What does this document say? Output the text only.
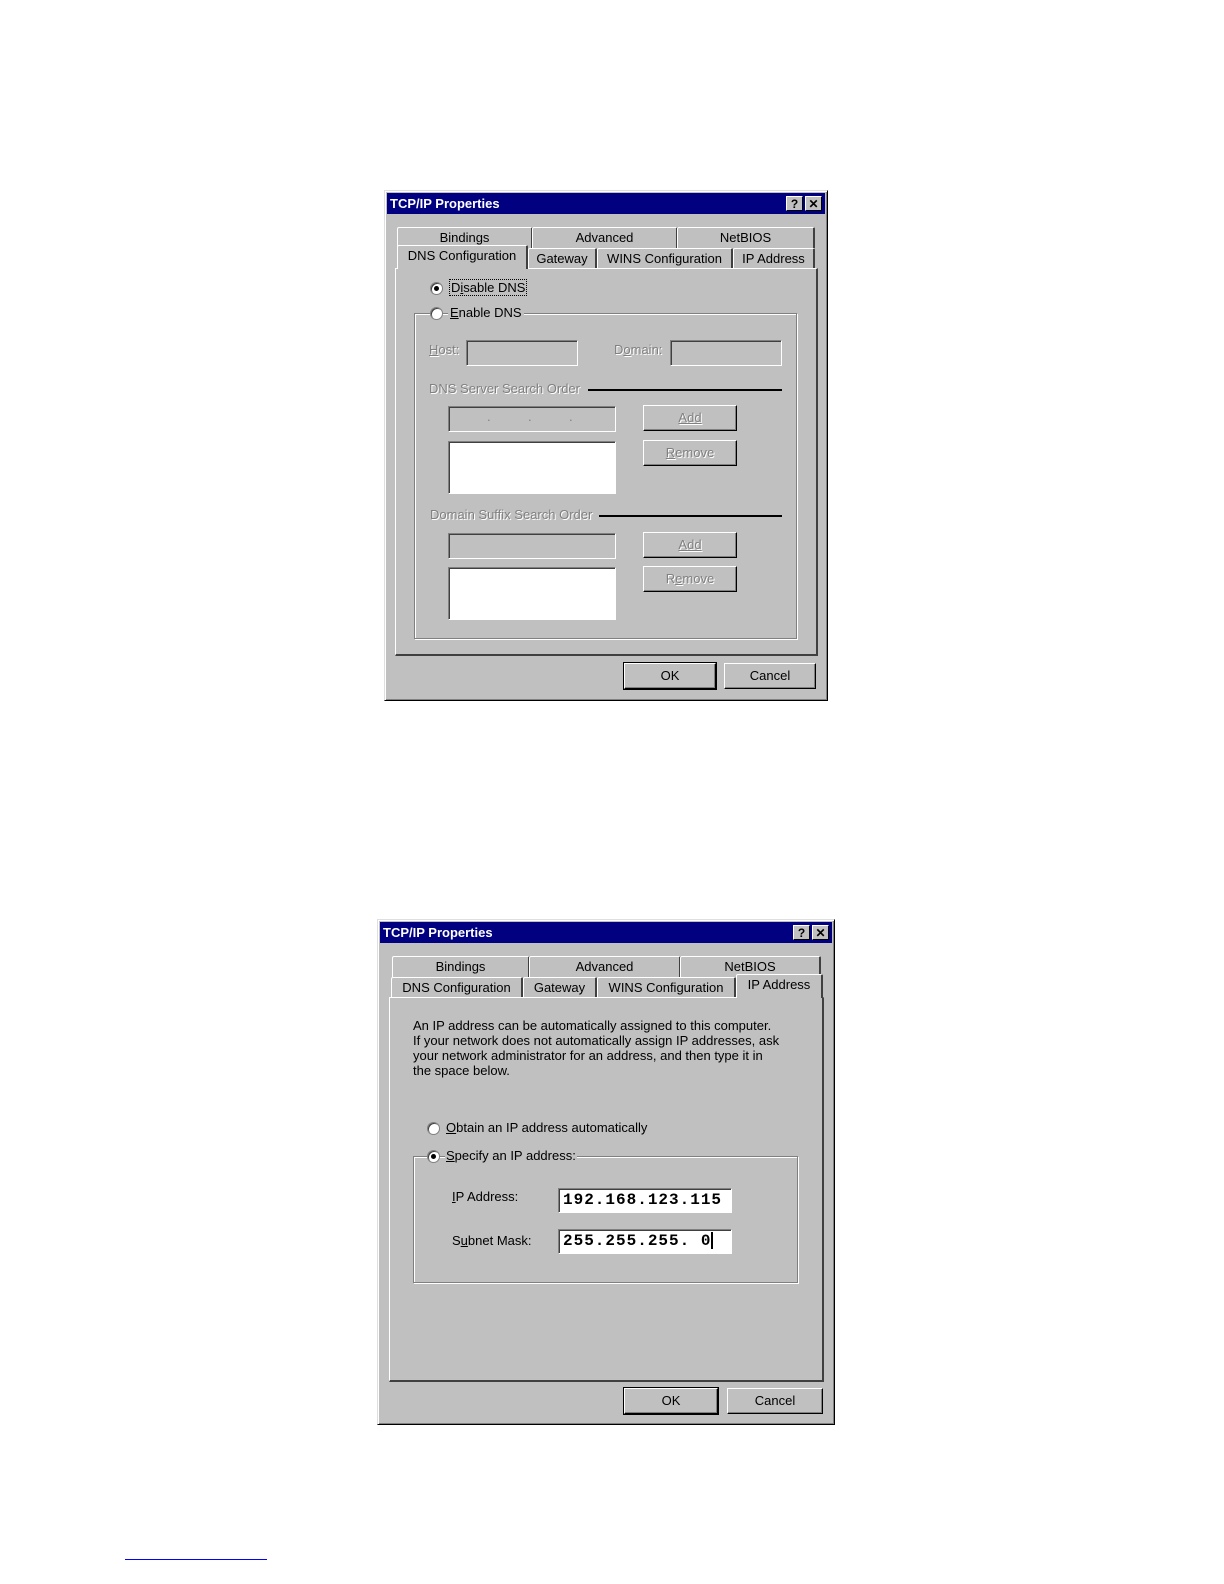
TCP/IP Properties	? ✕
Bindings	Advanced	NetBIOS
DNS Configuration	Gateway	WINS Configuration	IP Address
Disable DNS
Enable DNS
Host:	Domain:
DNS Server Search Order
.	.	.	Add
Remove
Domain Suffix Search Order
Add
Remove
OK	Cancel
TCP/IP Properties	? ✕
Bindings	Advanced	NetBIOS
DNS Configuration	Gateway	WINS Configuration	IP Address
An IP address can be automatically assigned to this computer.
If your network does not automatically assign IP addresses, ask
your network administrator for an address, and then type it in
the space below.
Obtain an IP address automatically
Specify an IP address:
IP Address:	192.168.123.115
Subnet Mask:	255.255.255. 0
OK	Cancel
